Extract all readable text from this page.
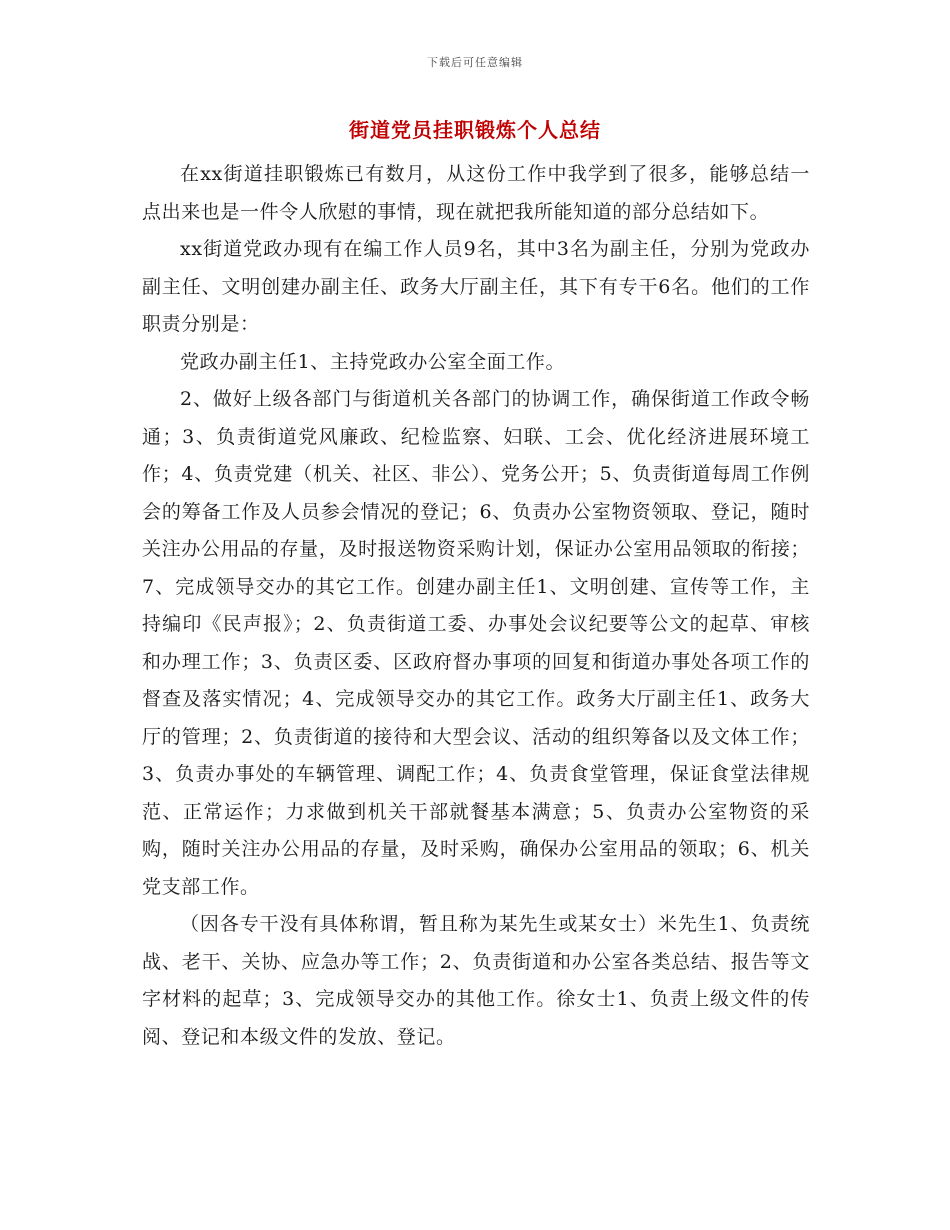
下载后可任意编辑
街道党员挂职锻炼个人总结

在xx街道挂职锻炼已有数月，从这份工作中我学到了很多，能够总结一点出来也是一件令人欣慰的事情，现在就把我所能知道的部分总结如下。

xx街道党政办现有在编工作人员9名，其中3名为副主任，分别为党政办副主任、文明创建办副主任、政务大厅副主任，其下有专干6名。他们的工作职责分别是：

党政办副主任1、主持党政办公室全面工作。

2、做好上级各部门与街道机关各部门的协调工作，确保街道工作政令畅通；3、负责街道党风廉政、纪检监察、妇联、工会、优化经济进展环境工作；4、负责党建（机关、社区、非公）、党务公开；5、负责街道每周工作例会的筹备工作及人员参会情况的登记；6、负责办公室物资领取、登记，随时关注办公用品的存量，及时报送物资采购计划，保证办公室用品领取的衔接；7、完成领导交办的其它工作。创建办副主任1、文明创建、宣传等工作，主持编印《民声报》；2、负责街道工委、办事处会议纪要等公文的起草、审核和办理工作；3、负责区委、区政府督办事项的回复和街道办事处各项工作的督查及落实情况；4、完成领导交办的其它工作。政务大厅副主任1、政务大厅的管理；2、负责街道的接待和大型会议、活动的组织筹备以及文体工作；3、负责办事处的车辆管理、调配工作；4、负责食堂管理，保证食堂法律规范、正常运作；力求做到机关干部就餐基本满意；5、负责办公室物资的采购，随时关注办公用品的存量，及时采购，确保办公室用品的领取；6、机关党支部工作。

（因各专干没有具体称谓，暂且称为某先生或某女士）米先生1、负责统战、老干、关协、应急办等工作；2、负责街道和办公室各类总结、报告等文字材料的起草；3、完成领导交办的其他工作。徐女士1、负责上级文件的传阅、登记和本级文件的发放、登记。
